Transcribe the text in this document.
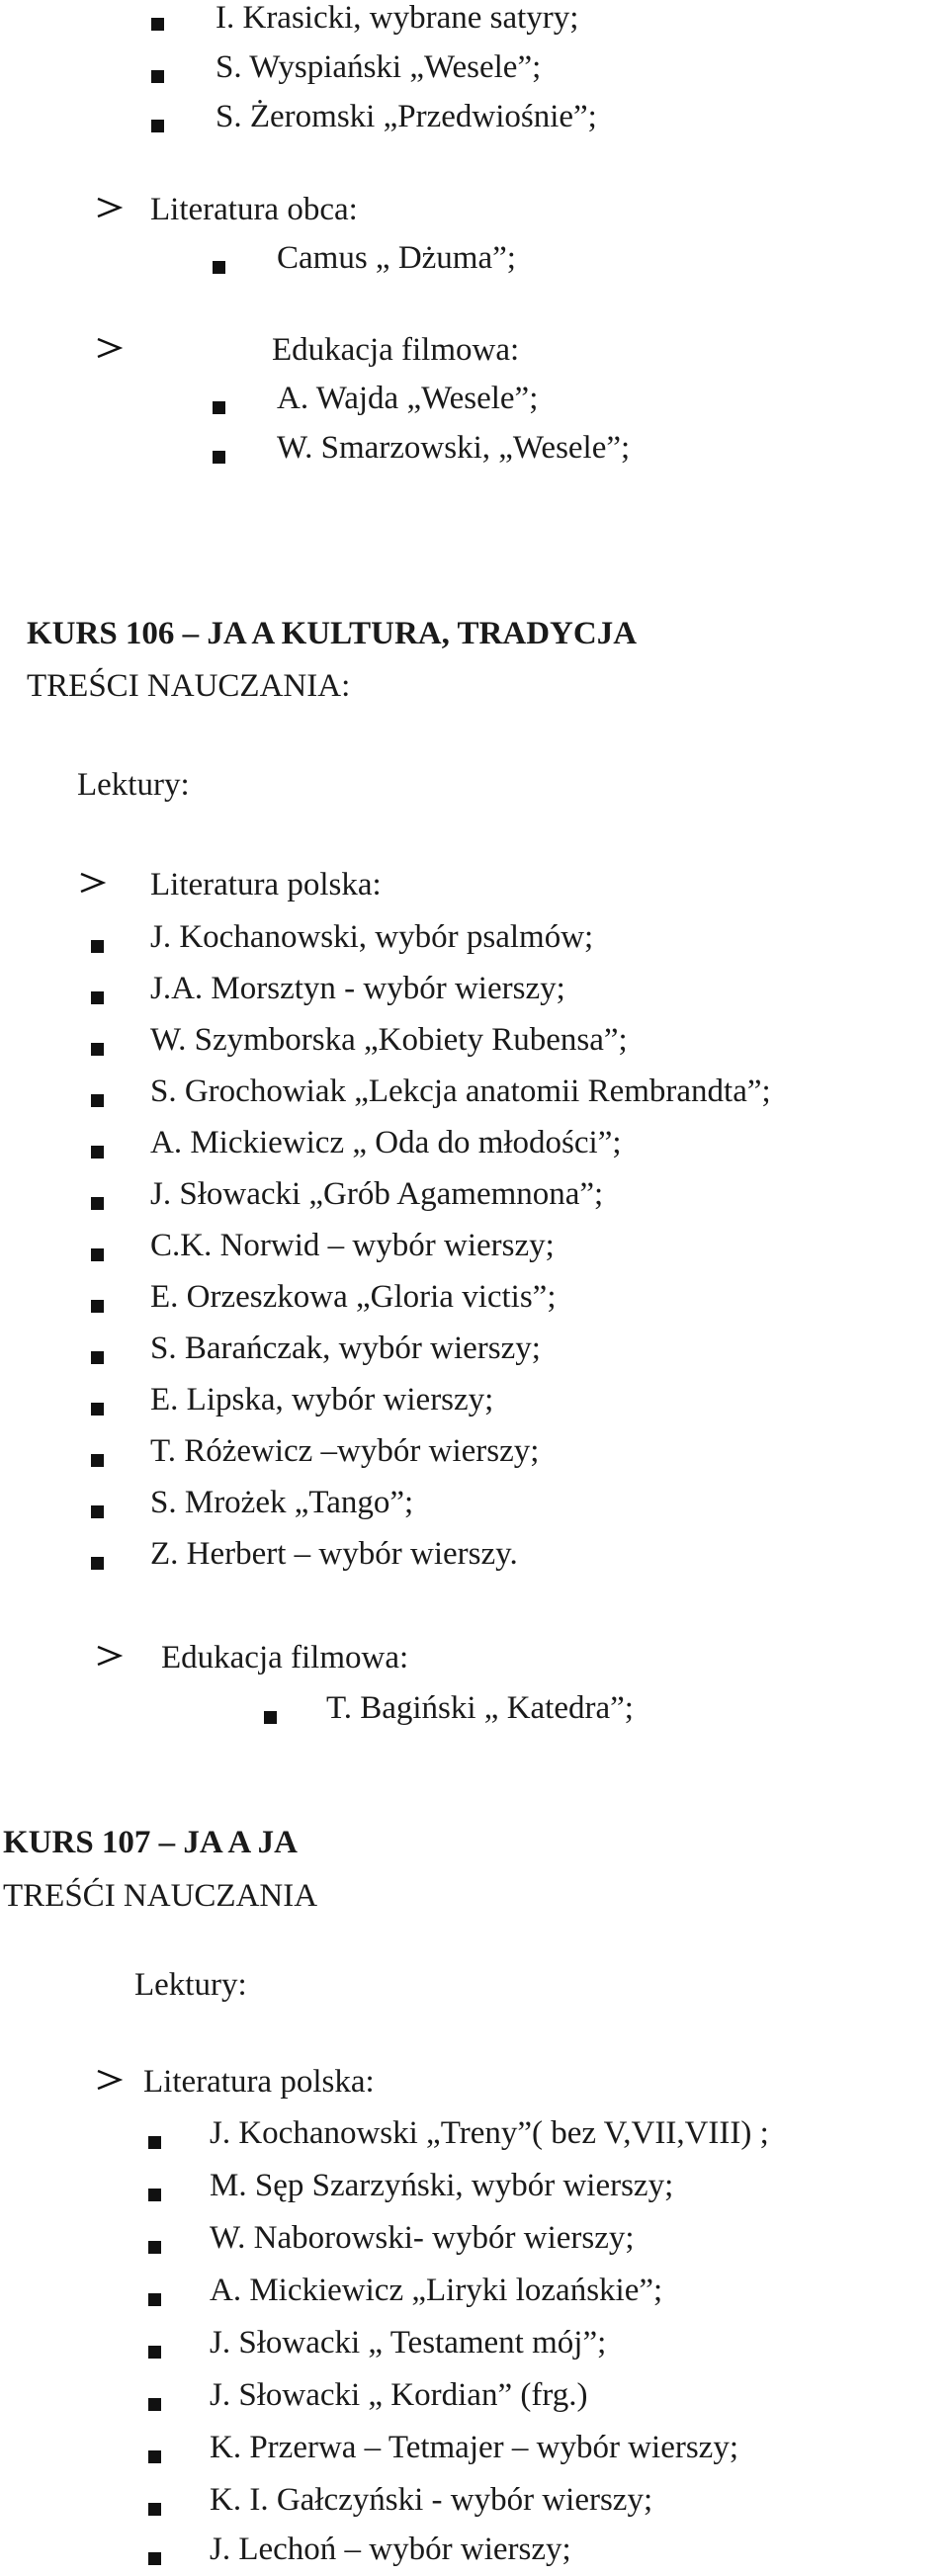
I. Krasicki, wybrane satyry;
S. Wyspiański „Wesele”;
S. Żeromski „Przedwiośnie”;
Literatura obca:
Camus „ Dżuma”;
Edukacja filmowa:
A. Wajda „Wesele”;
W. Smarzowski, „Wesele”;
KURS 106 – JA A KULTURA, TRADYCJA
TREŚCI NAUCZANIA:
Lektury:
Literatura polska:
J. Kochanowski, wybór psalmów;
J.A. Morsztyn - wybór wierszy;
W. Szymborska „Kobiety Rubensa”;
S. Grochowiak „Lekcja anatomii Rembrandta”;
A. Mickiewicz „ Oda do młodości”;
J. Słowacki „Grób Agamemnona”;
C.K. Norwid – wybór wierszy;
E. Orzeszkowa „Gloria victis”;
S. Barańczak, wybór wierszy;
E. Lipska, wybór wierszy;
T. Różewicz –wybór wierszy;
S. Mrożek „Tango”;
Z. Herbert – wybór wierszy.
Edukacja filmowa:
T. Bagiński „ Katedra”;
KURS 107 – JA A JA
TREŚĆI NAUCZANIA
Lektury:
Literatura polska:
J. Kochanowski „Treny”( bez V,VII,VIII) ;
M. Sęp Szarzyński, wybór wierszy;
W. Naborowski- wybór wierszy;
A. Mickiewicz „Liryki lozańskie”;
J. Słowacki „ Testament mój”;
J. Słowacki „ Kordian” (frg.)
K. Przerwa – Tetmajer – wybór wierszy;
K. I. Gałczyński - wybór wierszy;
J. Lechoń – wybór wierszy;
